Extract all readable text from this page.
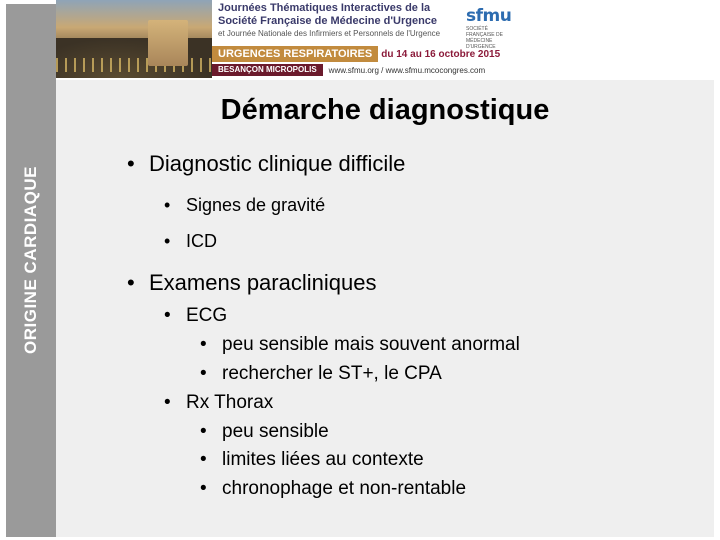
ORIGINE CARDIAQUE
Journées Thématiques Interactives de la
Société Française de Médecine d'Urgence
et Journée Nationale des Infirmiers et Personnels de l'Urgence
URGENCES RESPIRATOIRES du 14 au 16 octobre 2015
BESANÇON MICROPOLIS	www.sfmu.org / www.sfmu.mcocongres.com
sfmu
SOCIÉTÉ FRANÇAISE DE MÉDECINE D'URGENCE
Démarche diagnostique
• Diagnostic clinique difficile
• Signes de gravité
• ICD
• Examens paracliniques
• ECG
• peu sensible mais souvent anormal
• rechercher le ST+, le CPA
• Rx Thorax
• peu sensible
• limites liées au contexte
• chronophage et non-rentable
